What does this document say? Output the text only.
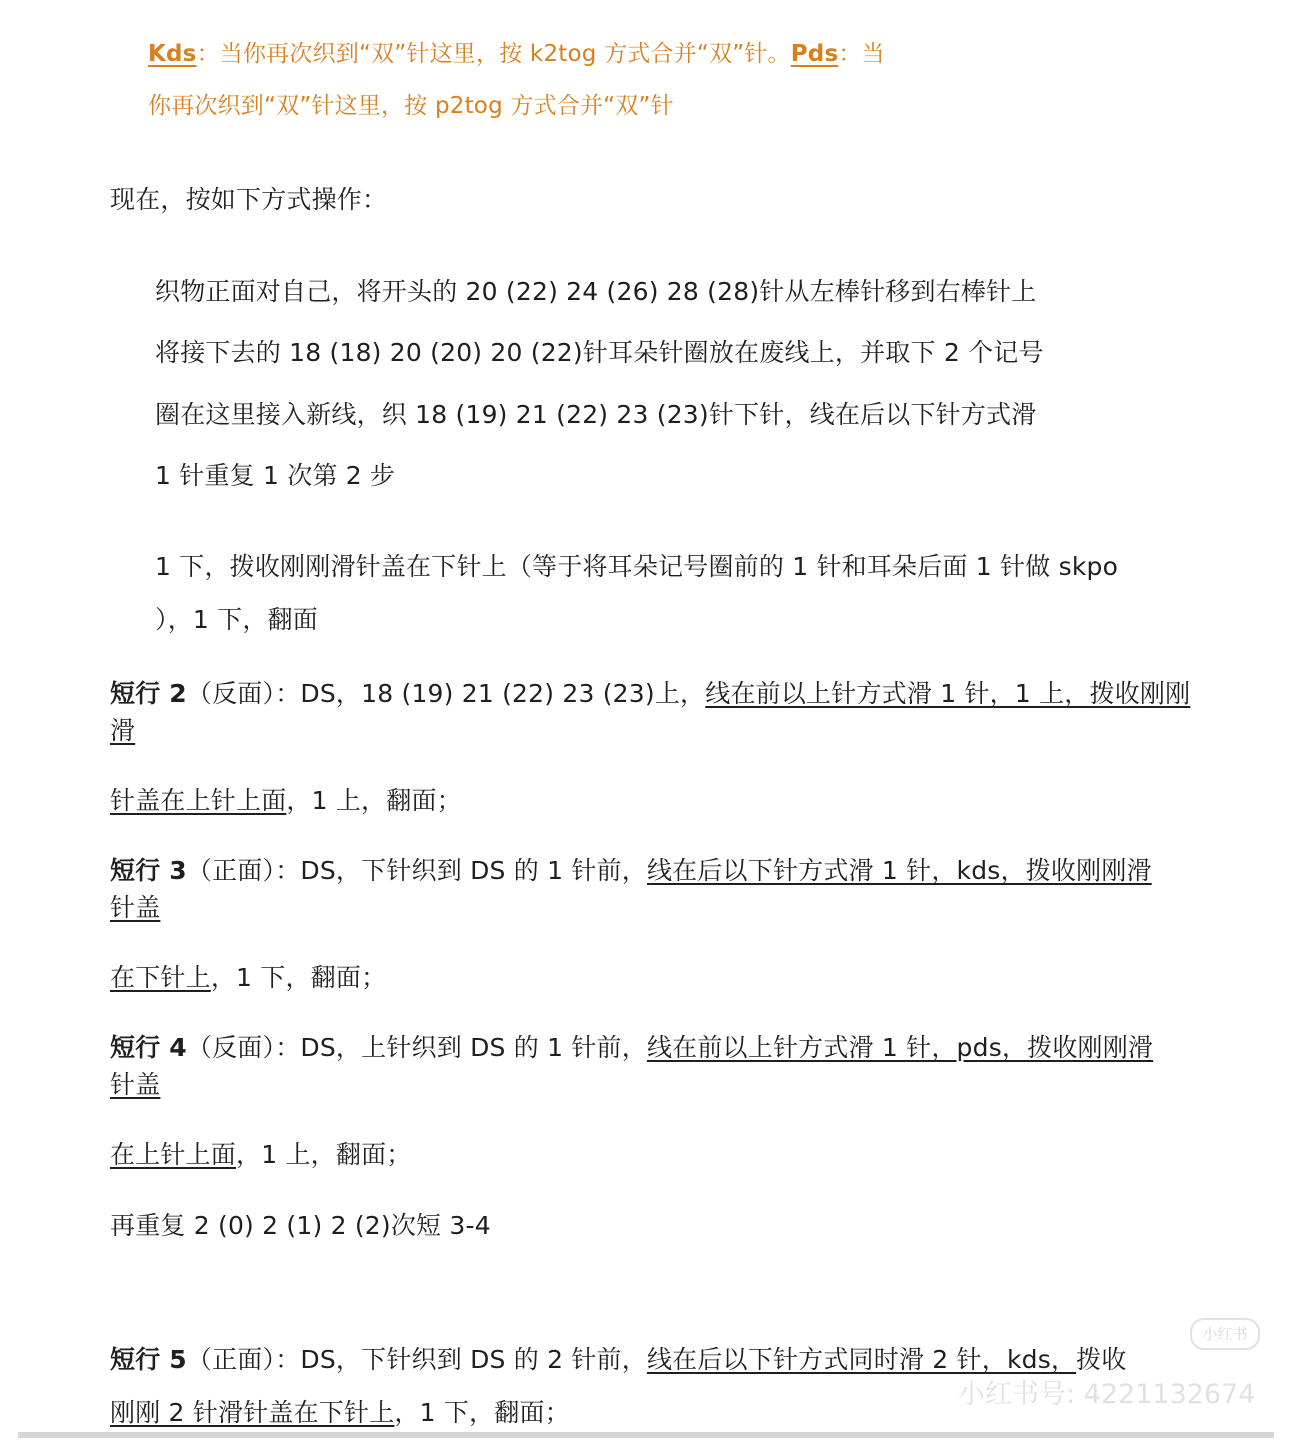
Kds：当你再次织到“双”针这里，按 k2tog 方式合并“双”针。Pds：当
你再次织到“双”针这里，按 p2tog 方式合并“双”针
现在，按如下方式操作：
织物正面对自己，将开头的 20 (22) 24 (26) 28 (28)针从左棒针移到右棒针上
将接下去的 18 (18) 20 (20) 20 (22)针耳朵针圈放在废线上，并取下 2 个记号
圈在这里接入新线，织 18 (19) 21 (22) 23 (23)针下针，线在后以下针方式滑
1 针重复 1 次第 2 步
1 下，拨收刚刚滑针盖在下针上（等于将耳朵记号圈前的 1 针和耳朵后面 1 针做 skpo
），1 下，翻面
短行 2（反面）：DS，18 (19) 21 (22) 23 (23)上，线在前以上针方式滑 1 针，1 上，拨收刚刚
滑
针盖在上针上面，1 上，翻面；
短行 3（正面）：DS，下针织到 DS 的 1 针前，线在后以下针方式滑 1 针，kds，拨收刚刚滑
针盖
在下针上，1 下，翻面；
短行 4（反面）：DS，上针织到 DS 的 1 针前，线在前以上针方式滑 1 针，pds，拨收刚刚滑
针盖
在上针上面，1 上，翻面；
再重复 2 (0) 2 (1) 2 (2)次短 3-4
短行 5（正面）：DS，下针织到 DS 的 2 针前，线在后以下针方式同时滑 2 针，kds，拨收
刚刚 2 针滑针盖在下针上，1 下，翻面；
小红书
小红书号: 4221132674
